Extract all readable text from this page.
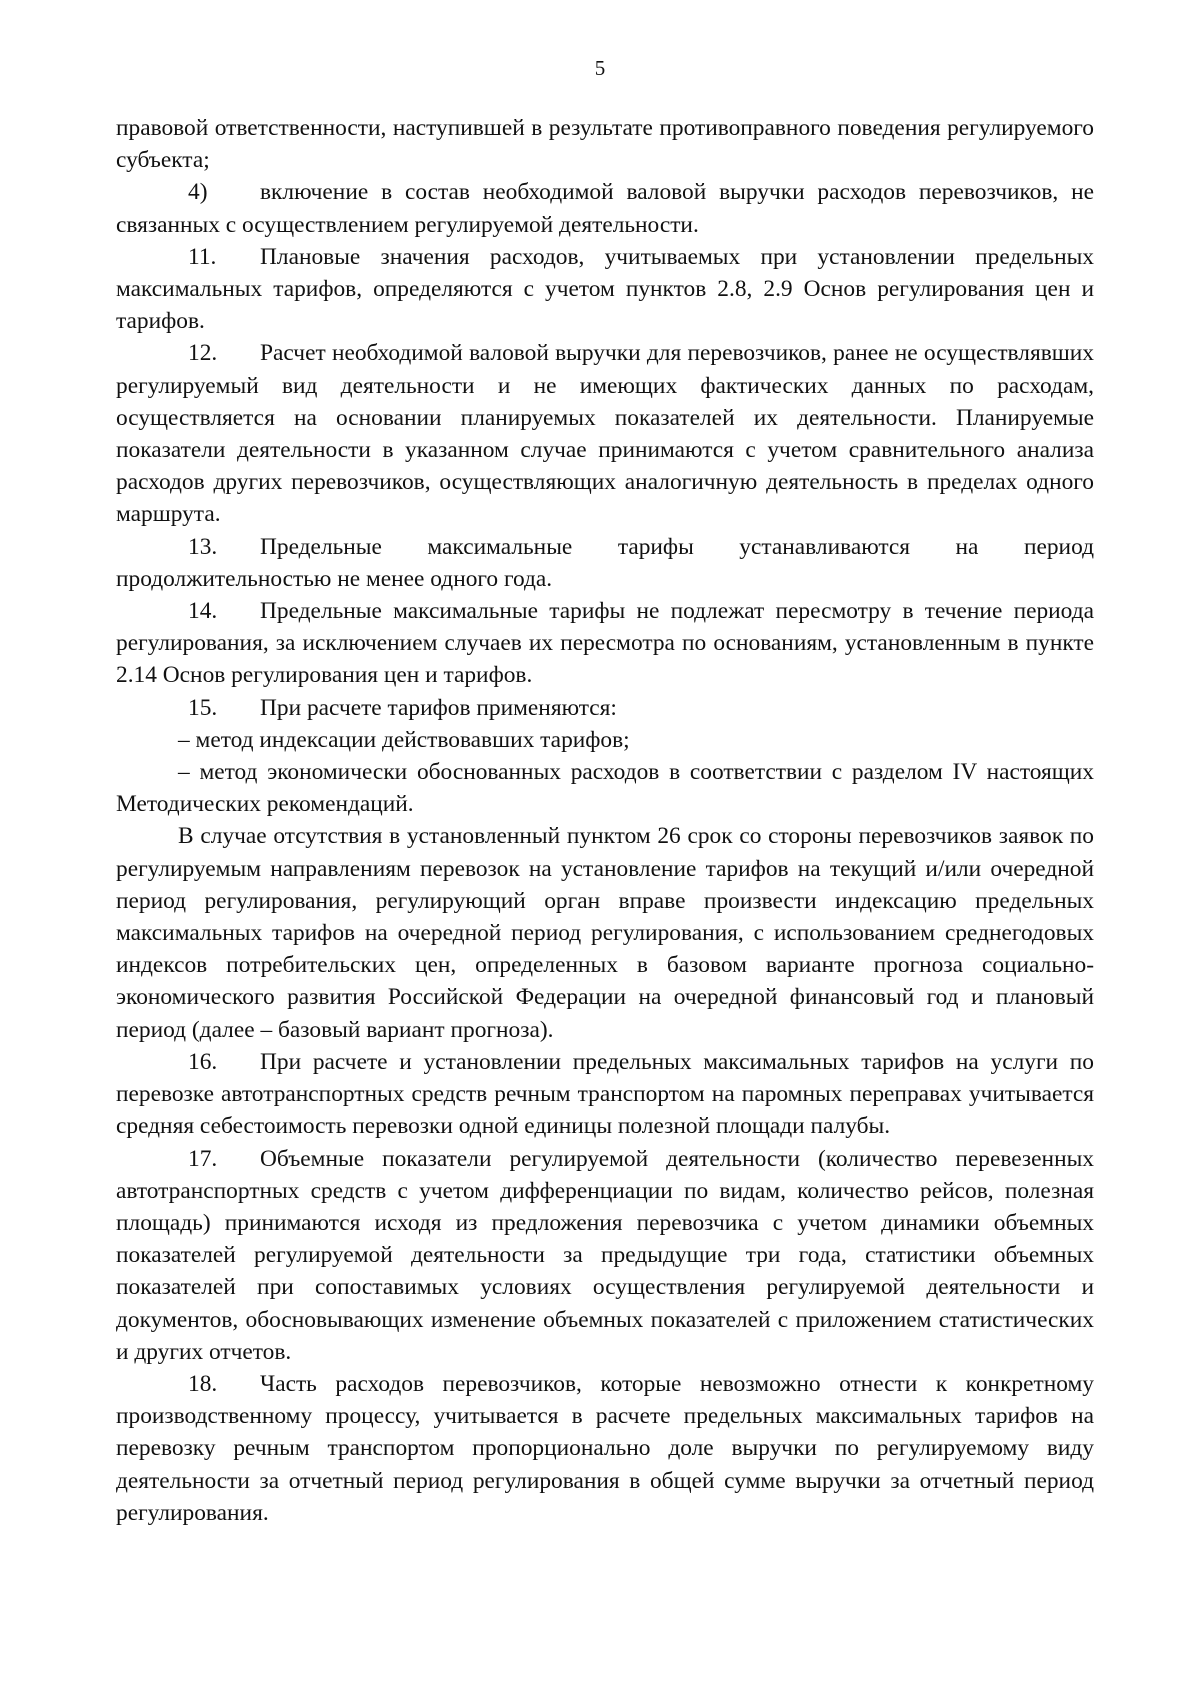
5

правовой ответственности, наступившей в результате противоправного поведения регулируемого субъекта;

4) включение в состав необходимой валовой выручки расходов перевозчиков, не связанных с осуществлением регулируемой деятельности.

11. Плановые значения расходов, учитываемых при установлении предельных максимальных тарифов, определяются с учетом пунктов 2.8, 2.9 Основ регулирования цен и тарифов.

12. Расчет необходимой валовой выручки для перевозчиков, ранее не осуществлявших регулируемый вид деятельности и не имеющих фактических данных по расходам, осуществляется на основании планируемых показателей их деятельности. Планируемые показатели деятельности в указанном случае принимаются с учетом сравнительного анализа расходов других перевозчиков, осуществляющих аналогичную деятельность в пределах одного маршрута.

13. Предельные максимальные тарифы устанавливаются на период продолжительностью не менее одного года.

14. Предельные максимальные тарифы не подлежат пересмотру в течение периода регулирования, за исключением случаев их пересмотра по основаниям, установленным в пункте 2.14 Основ регулирования цен и тарифов.

15. При расчете тарифов применяются:

– метод индексации действовавших тарифов;

– метод экономически обоснованных расходов в соответствии с разделом IV настоящих Методических рекомендаций.

В случае отсутствия в установленный пунктом 26 срок со стороны перевозчиков заявок по регулируемым направлениям перевозок на установление тарифов на текущий и/или очередной период регулирования, регулирующий орган вправе произвести индексацию предельных максимальных тарифов на очередной период регулирования, с использованием среднегодовых индексов потребительских цен, определенных в базовом варианте прогноза социально-экономического развития Российской Федерации на очередной финансовый год и плановый период (далее – базовый вариант прогноза).

16. При расчете и установлении предельных максимальных тарифов на услуги по перевозке автотранспортных средств речным транспортом на паромных переправах учитывается средняя себестоимость перевозки одной единицы полезной площади палубы.

17. Объемные показатели регулируемой деятельности (количество перевезенных автотранспортных средств с учетом дифференциации по видам, количество рейсов, полезная площадь) принимаются исходя из предложения перевозчика с учетом динамики объемных показателей регулируемой деятельности за предыдущие три года, статистики объемных показателей при сопоставимых условиях осуществления регулируемой деятельности и документов, обосновывающих изменение объемных показателей с приложением статистических и других отчетов.

18. Часть расходов перевозчиков, которые невозможно отнести к конкретному производственному процессу, учитывается в расчете предельных максимальных тарифов на перевозку речным транспортом пропорционально доле выручки по регулируемому виду деятельности за отчетный период регулирования в общей сумме выручки за отчетный период регулирования.
